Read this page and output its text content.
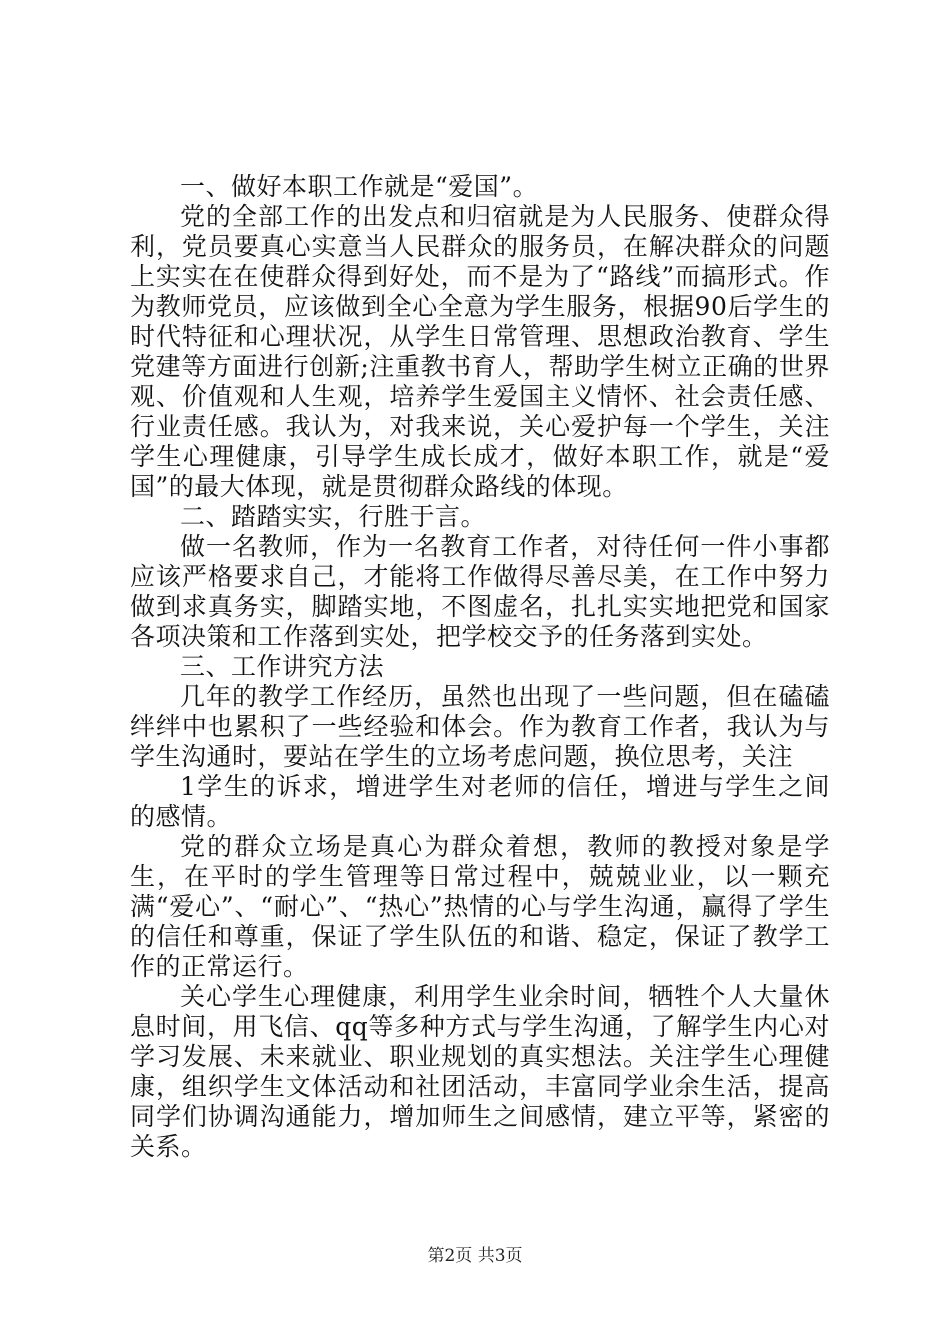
一、做好本职工作就是“爱国”。

党的全部工作的出发点和归宿就是为人民服务、使群众得利，党员要真心实意当人民群众的服务员，在解决群众的问题上实实在在使群众得到好处，而不是为了“路线”而搞形式。作为教师党员，应该做到全心全意为学生服务，根据90后学生的时代特征和心理状况，从学生日常管理、思想政治教育、学生党建等方面进行创新;注重教书育人，帮助学生树立正确的世界观、价值观和人生观，培养学生爱国主义情怀、社会责任感、行业责任感。我认为，对我来说，关心爱护每一个学生，关注学生心理健康，引导学生成长成才，做好本职工作，就是“爱国”的最大体现，就是贯彻群众路线的体现。

二、踏踏实实，行胜于言。

做一名教师，作为一名教育工作者，对待任何一件小事都应该严格要求自己，才能将工作做得尽善尽美，在工作中努力做到求真务实，脚踏实地，不图虚名，扎扎实实地把党和国家各项决策和工作落到实处，把学校交予的任务落到实处。

三、工作讲究方法

几年的教学工作经历，虽然也出现了一些问题，但在磕磕绊绊中也累积了一些经验和体会。作为教育工作者，我认为与学生沟通时，要站在学生的立场考虑问题，换位思考，关注

1学生的诉求，增进学生对老师的信任，增进与学生之间的感情。

党的群众立场是真心为群众着想，教师的教授对象是学生，在平时的学生管理等日常过程中，兢兢业业，以一颗充满“爱心”、“耐心”、“热心”热情的心与学生沟通，赢得了学生的信任和尊重，保证了学生队伍的和谐、稳定，保证了教学工作的正常运行。

关心学生心理健康，利用学生业余时间，牺牲个人大量休息时间，用飞信、qq等多种方式与学生沟通，了解学生内心对学习发展、未来就业、职业规划的真实想法。关注学生心理健康，组织学生文体活动和社团活动，丰富同学业余生活，提高同学们协调沟通能力，增加师生之间感情，建立平等，紧密的关系。

第2页 共3页
